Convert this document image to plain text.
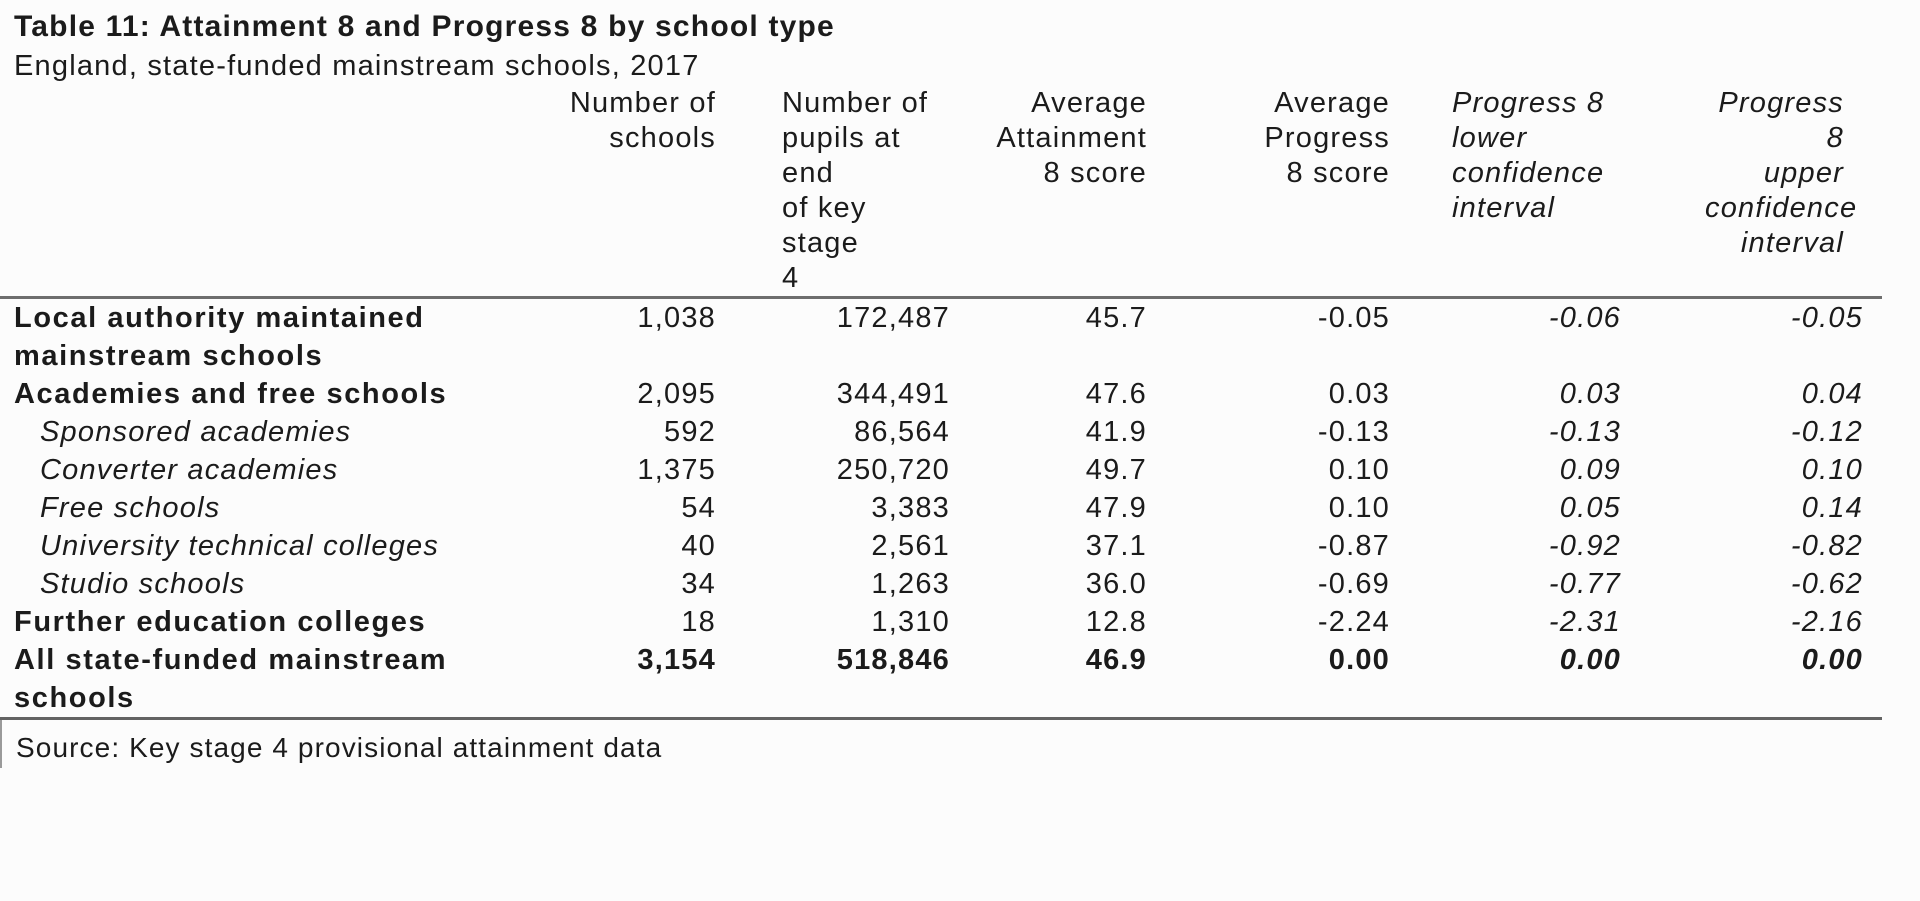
Table 11: Attainment 8 and Progress 8 by school type
England, state-funded mainstream schools, 2017
	Number of
schools	Number of
pupils at end
of key stage
4	Average
Attainment
8 score	Average
Progress
8 score	Progress 8
lower
confidence
interval	Progress 8
upper
confidence
interval
Local authority maintained mainstream schools	1,038	172,487	45.7	-0.05	-0.06	-0.05
Academies and free schools	2,095	344,491	47.6	0.03	0.03	0.04
Sponsored academies	592	86,564	41.9	-0.13	-0.13	-0.12
Converter academies	1,375	250,720	49.7	0.10	0.09	0.10
Free schools	54	3,383	47.9	0.10	0.05	0.14
University technical colleges	40	2,561	37.1	-0.87	-0.92	-0.82
Studio schools	34	1,263	36.0	-0.69	-0.77	-0.62
Further education colleges	18	1,310	12.8	-2.24	-2.31	-2.16
All state-funded mainstream schools	3,154	518,846	46.9	0.00	0.00	0.00
Source: Key stage 4 provisional attainment data
